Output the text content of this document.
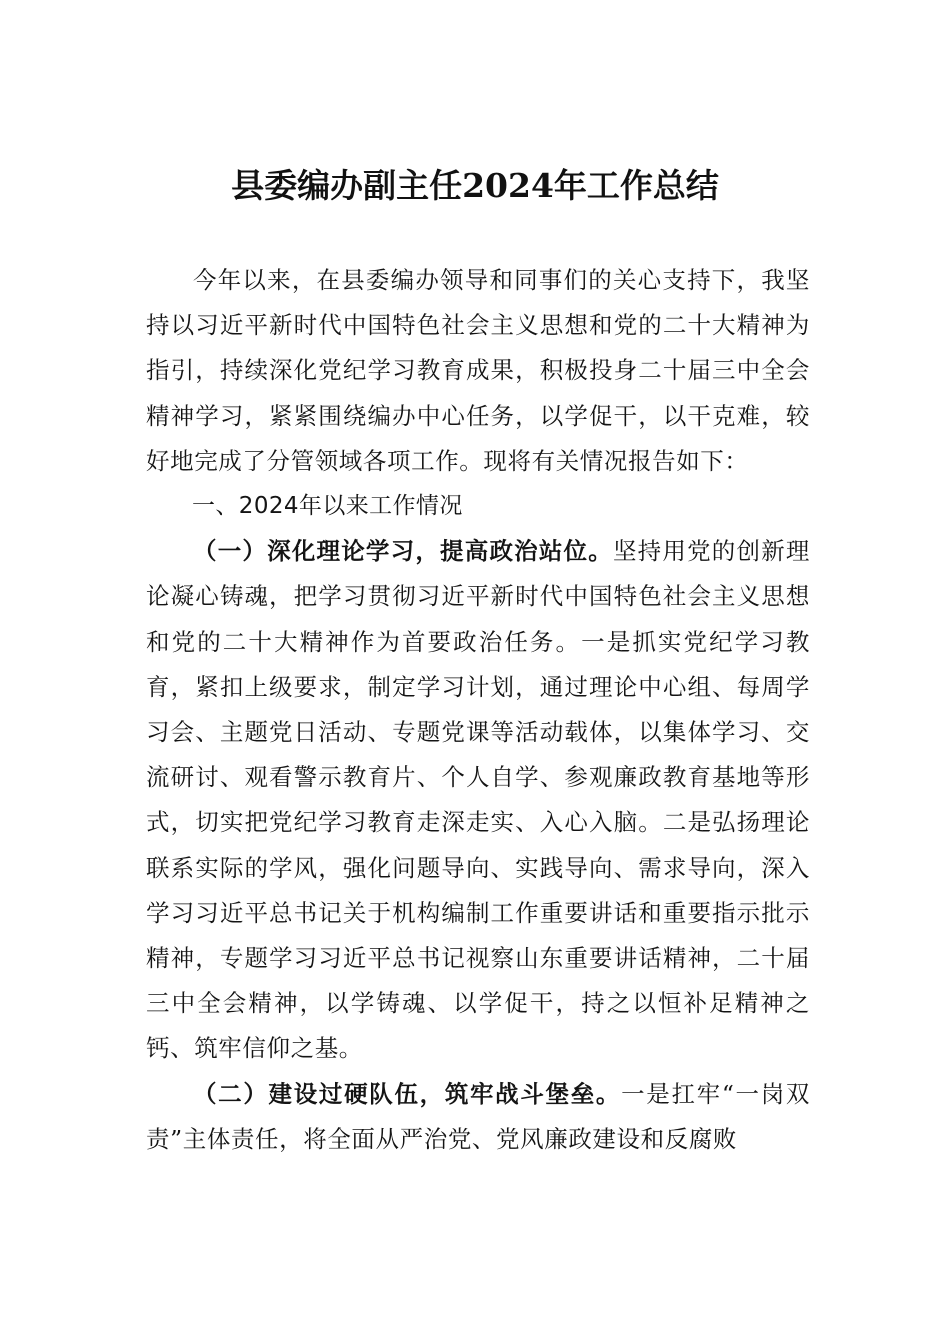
县委编办副主任2024年工作总结

今年以来，在县委编办领导和同事们的关心支持下，我坚持以习近平新时代中国特色社会主义思想和党的二十大精神为指引，持续深化党纪学习教育成果，积极投身二十届三中全会精神学习，紧紧围绕编办中心任务，以学促干，以干克难，较好地完成了分管领域各项工作。现将有关情况报告如下：

一、2024年以来工作情况

（一）深化理论学习，提高政治站位。坚持用党的创新理论凝心铸魂，把学习贯彻习近平新时代中国特色社会主义思想和党的二十大精神作为首要政治任务。一是抓实党纪学习教育，紧扣上级要求，制定学习计划，通过理论中心组、每周学习会、主题党日活动、专题党课等活动载体，以集体学习、交流研讨、观看警示教育片、个人自学、参观廉政教育基地等形式，切实把党纪学习教育走深走实、入心入脑。二是弘扬理论联系实际的学风，强化问题导向、实践导向、需求导向，深入学习习近平总书记关于机构编制工作重要讲话和重要指示批示精神，专题学习习近平总书记视察山东重要讲话精神，二十届三中全会精神，以学铸魂、以学促干，持之以恒补足精神之钙、筑牢信仰之基。

（二）建设过硬队伍，筑牢战斗堡垒。一是扛牢“一岗双责”主体责任，将全面从严治党、党风廉政建设和反腐败
